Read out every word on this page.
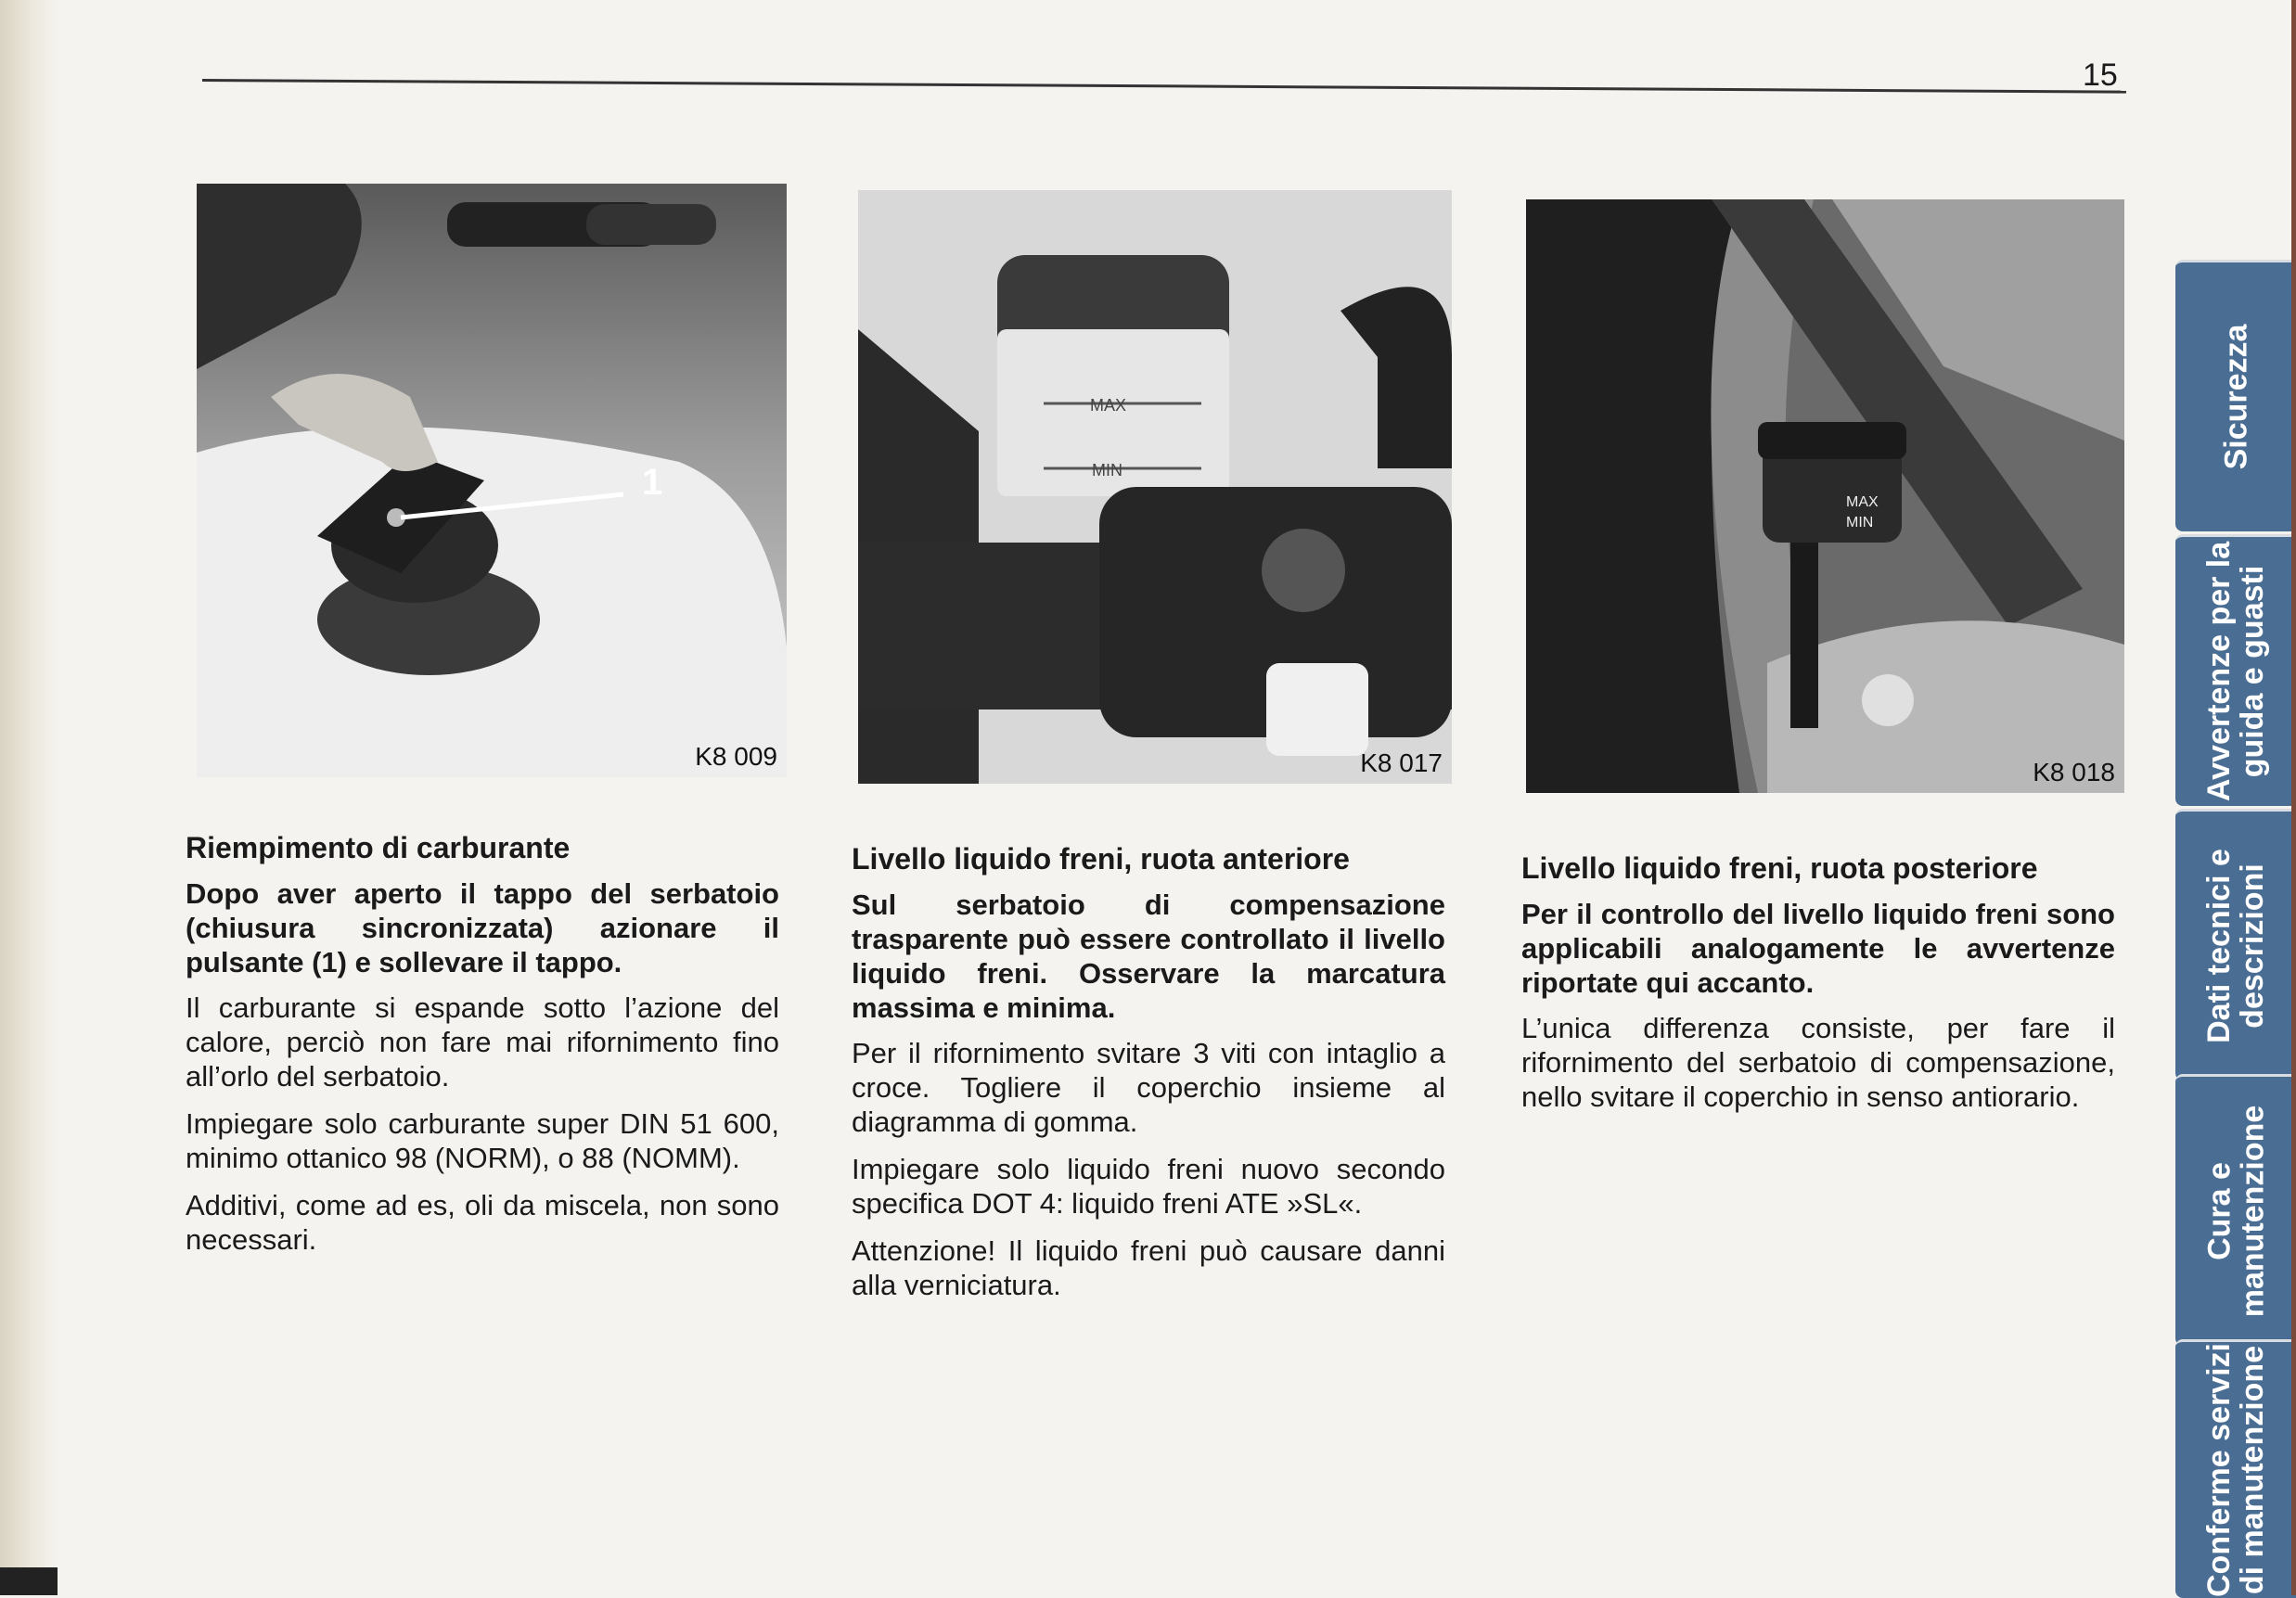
15
1
K8 009
MAX
MIN
K8 017
MAX
MIN
K8 018
Riempimento di carburante
Dopo aver aperto il tappo del serbatoio (chiusura sincronizzata) azionare il pulsante (1) e sollevare il tappo.

Il carburante si espande sotto l’azione del calore, perciò non fare mai rifornimento fino all’orlo del serbatoio.

Impiegare solo carburante super DIN 51 600, minimo ottanico 98 (NORM), o 88 (NOMM).

Additivi, come ad es, oli da miscela, non sono necessari.

Livello liquido freni, ruota anteriore
Sul serbatoio di compensazione trasparente può essere controllato il livello liquido freni. Osservare la marcatura massima e minima.

Per il rifornimento svitare 3 viti con intaglio a croce. Togliere il coperchio insieme al diagramma di gomma.

Impiegare solo liquido freni nuovo secondo specifica DOT 4: liquido freni ATE »SL«.

Attenzione! Il liquido freni può causare danni alla verniciatura.

Livello liquido freni, ruota posteriore
Per il controllo del livello liquido freni sono applicabili analogamente le avvertenze riportate qui accanto.

L’unica differenza consiste, per fare il rifornimento del serbatoio di compensazione, nello svitare il coperchio in senso antiorario.

Sicurezza
Avvertenze per la
guida e guasti
Dati tecnici e
descrizioni
Cura e
manutenzione
Conferme servizi
di manutenzione
